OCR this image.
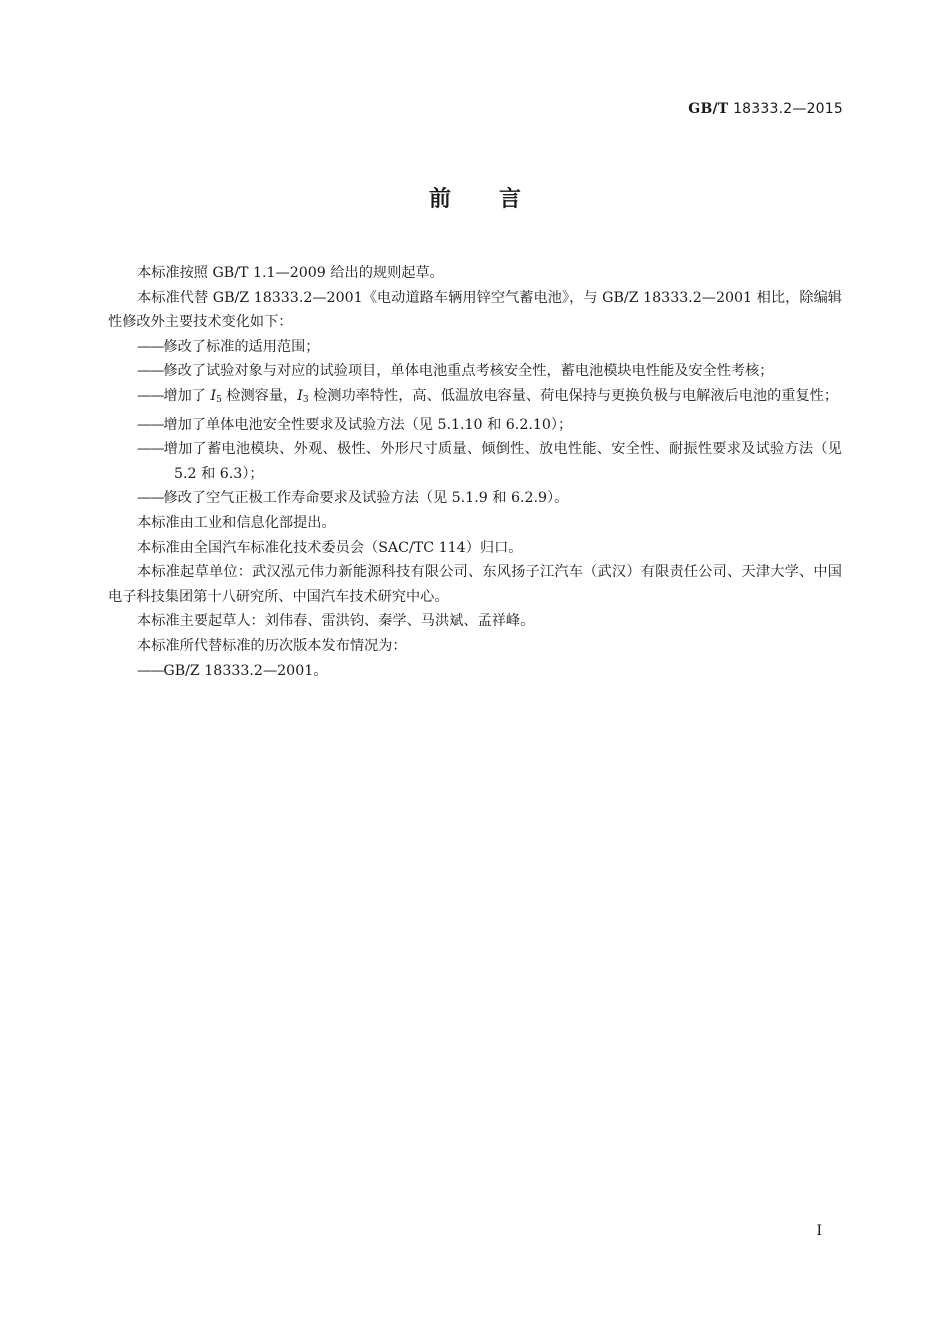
GB/T 18333.2—2015
前言

本标准按照 GB/T 1.1—2009 给出的规则起草。

本标准代替 GB/Z 18333.2—2001《电动道路车辆用锌空气蓄电池》，与 GB/Z 18333.2—2001 相比，除编辑性修改外主要技术变化如下：

——修改了标准的适用范围；

——修改了试验对象与对应的试验项目，单体电池重点考核安全性，蓄电池模块电性能及安全性考核；

——增加了 $I_5$ 检测容量，$I_3$ 检测功率特性，高、低温放电容量、荷电保持与更换负极与电解液后电池的重复性；

——增加了单体电池安全性要求及试验方法（见 5.1.10 和 6.2.10）；

——增加了蓄电池模块、外观、极性、外形尺寸质量、倾倒性、放电性能、安全性、耐振性要求及试验方法（见 5.2 和 6.3）；

——修改了空气正极工作寿命要求及试验方法（见 5.1.9 和 6.2.9）。

本标准由工业和信息化部提出。

本标准由全国汽车标准化技术委员会（SAC/TC 114）归口。

本标准起草单位：武汉泓元伟力新能源科技有限公司、东风扬子江汽车（武汉）有限责任公司、天津大学、中国电子科技集团第十八研究所、中国汽车技术研究中心。

本标准主要起草人：刘伟春、雷洪钧、秦学、马洪斌、孟祥峰。

本标准所代替标准的历次版本发布情况为：

——GB/Z 18333.2—2001。

I
